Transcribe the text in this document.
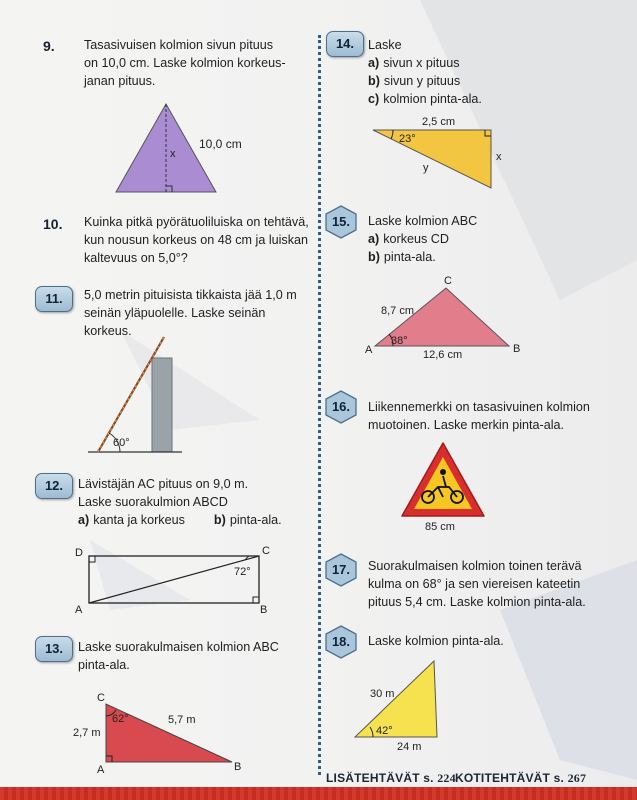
9. Tasasivuisen kolmion sivun pituus
on 10,0 cm. Laske kolmion korkeus-
janan pituus.
10,0 cm
x
10. Kuinka pitkä pyörätuoliluiska on tehtävä,
kun nousun korkeus on 48 cm ja luiskan
kaltevuus on 5,0°?
11.	5,0 metrin pituisista tikkaista jää 1,0 m
seinän yläpuolelle. Laske seinän korkeus.
60°
12.	Lävistäjän AC pituus on 9,0 m.
Laske suorakulmion ABCD
a) kanta ja korkeus b) pinta-ala.
D	C
A	B
72°
13.	Laske suorakulmaisen kolmion ABC
pinta-ala.
C
A	B
62°
2,7 m
5,7 m
14.	Laske
a) sivun x pituus
b) sivun y pituus
c) kolmion pinta-ala.
2,5 cm
23°
x
y
15.	Laske kolmion ABC
a) korkeus CD
b) pinta-ala.
C
A	B
8,7 cm
12,6 cm
38°
16.	Liikennemerkki on tasasivuinen kolmion
muotoinen. Laske merkin pinta-ala.
85 cm
17.	Suorakulmaisen kolmion toinen terävä
kulma on 68° ja sen viereisen kateetin
pituus 5,4 cm. Laske kolmion pinta-ala.
18.	Laske kolmion pinta-ala.
30 m
24 m
42°
LISÄTEHTÄVÄT s. 224 KOTITEHTÄVÄT s. 267
